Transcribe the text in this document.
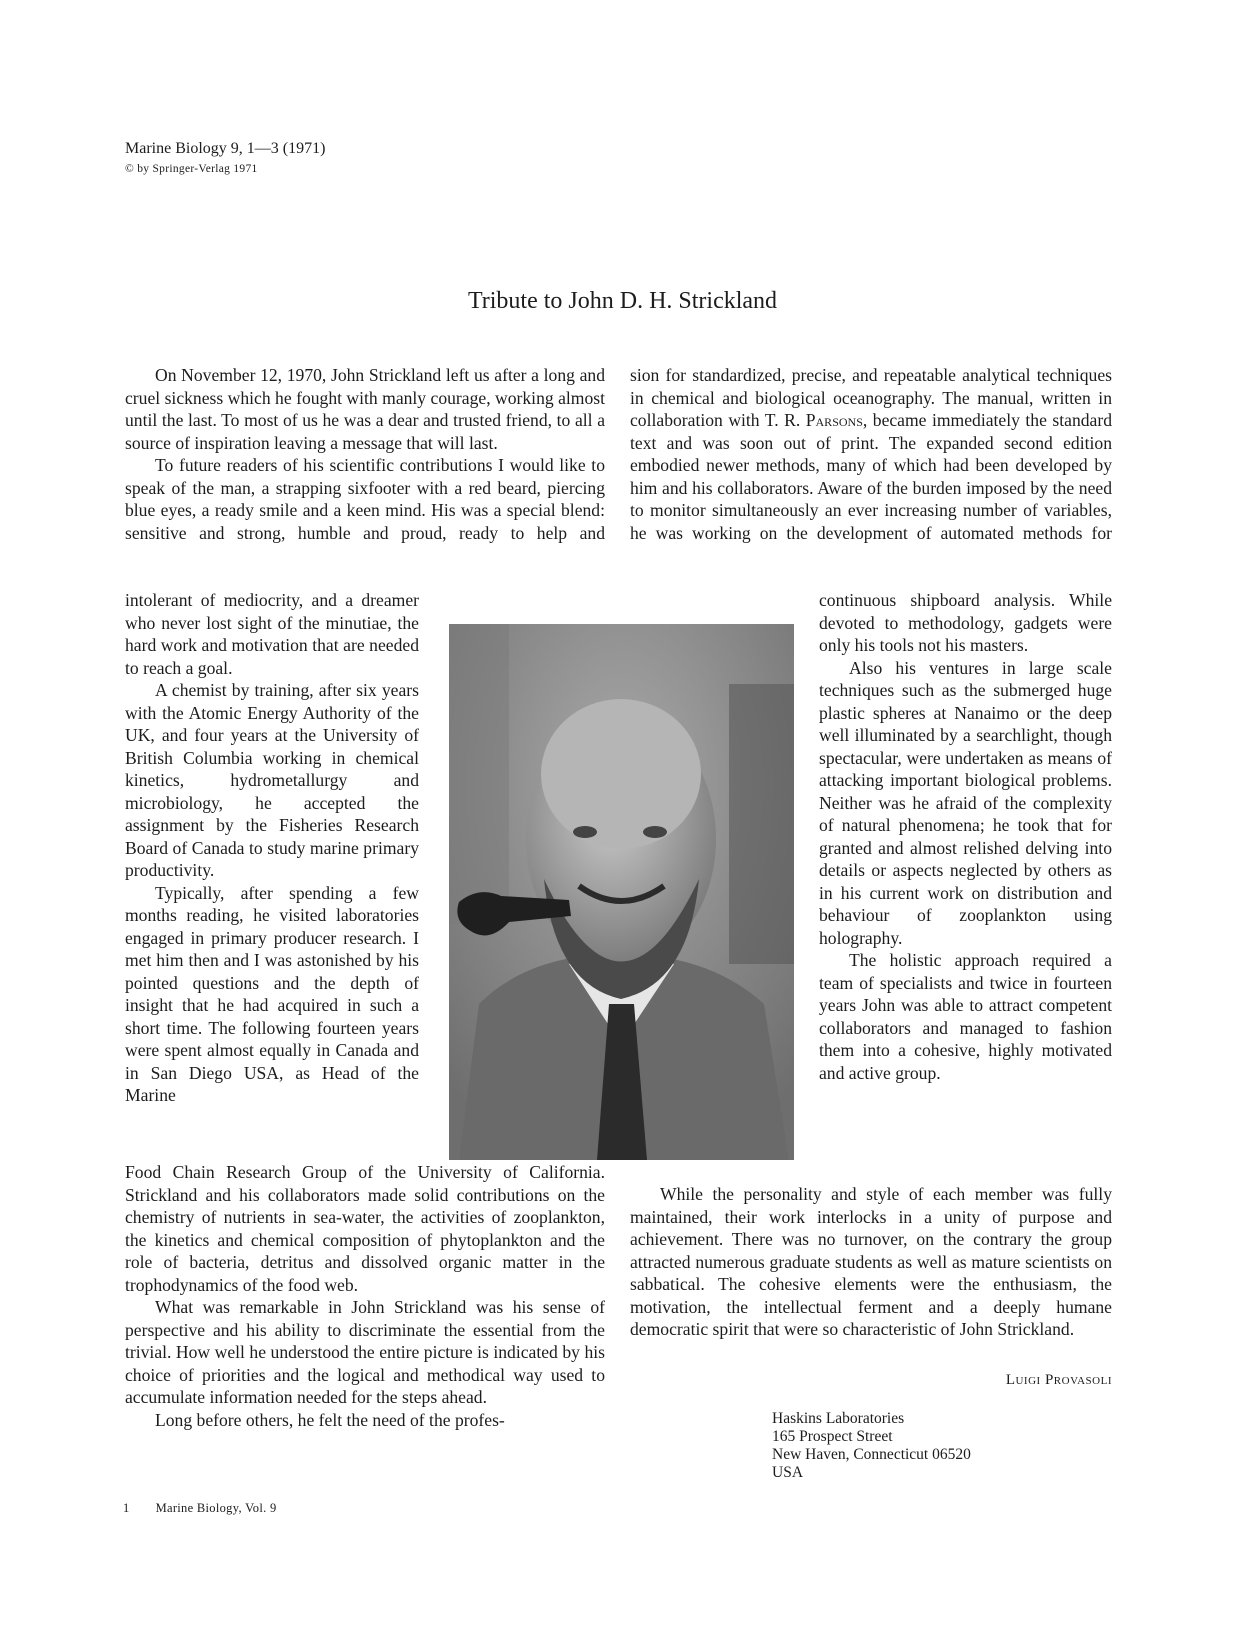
Marine Biology 9, 1—3 (1971)
© by Springer-Verlag 1971
Tribute to John D. H. Strickland

On November 12, 1970, John Strickland left us after a long and cruel sickness which he fought with manly courage, working almost until the last. To most of us he was a dear and trusted friend, to all a source of inspiration leaving a message that will last.

To future readers of his scientific contributions I would like to speak of the man, a strapping sixfooter with a red beard, piercing blue eyes, a ready smile and a keen mind. His was a special blend: sensitive and strong, humble and proud, ready to help and

intolerant of mediocrity, and a dreamer who never lost sight of the minutiae, the hard work and motivation that are needed to reach a goal.

A chemist by training, after six years with the Atomic Energy Authority of the UK, and four years at the University of British Columbia working in chemical kinetics, hydrometallurgy and microbiology, he accepted the assignment by the Fisheries Research Board of Canada to study marine primary productivity.

Typically, after spending a few months reading, he visited laboratories engaged in primary producer research. I met him then and I was astonished by his pointed questions and the depth of insight that he had acquired in such a short time. The following fourteen years were spent almost equally in Canada and in San Diego USA, as Head of the Marine

Food Chain Research Group of the University of California. Strickland and his collaborators made solid contributions on the chemistry of nutrients in sea-water, the activities of zooplankton, the kinetics and chemical composition of phytoplankton and the role of bacteria, detritus and dissolved organic matter in the trophodynamics of the food web.

What was remarkable in John Strickland was his sense of perspective and his ability to discriminate the essential from the trivial. How well he understood the entire picture is indicated by his choice of priorities and the logical and methodical way used to accumulate information needed for the steps ahead.

Long before others, he felt the need of the profes-

sion for standardized, precise, and repeatable analytical techniques in chemical and biological oceanography. The manual, written in collaboration with T. R. Parsons, became immediately the standard text and was soon out of print. The expanded second edition embodied newer methods, many of which had been developed by him and his collaborators. Aware of the burden imposed by the need to monitor simultaneously an ever increasing number of variables, he was working on the development of automated methods for

continuous shipboard analysis. While devoted to methodology, gadgets were only his tools not his masters.

Also his ventures in large scale techniques such as the submerged huge plastic spheres at Nanaimo or the deep well illuminated by a searchlight, though spectacular, were undertaken as means of attacking important biological problems. Neither was he afraid of the complexity of natural phenomena; he took that for granted and almost relished delving into details or aspects neglected by others as in his current work on distribution and behaviour of zooplankton using holography.

The holistic approach required a team of specialists and twice in fourteen years John was able to attract competent collaborators and managed to fashion them into a cohesive, highly motivated and active group.

While the personality and style of each member was fully maintained, their work interlocks in a unity of purpose and achievement. There was no turnover, on the contrary the group attracted numerous graduate students as well as mature scientists on sabbatical. The cohesive elements were the enthusiasm, the motivation, the intellectual ferment and a deeply humane democratic spirit that were so characteristic of John Strickland.

Luigi Provasoli
Haskins Laboratories
165 Prospect Street
New Haven, Connecticut 06520
USA
1 Marine Biology, Vol. 9
